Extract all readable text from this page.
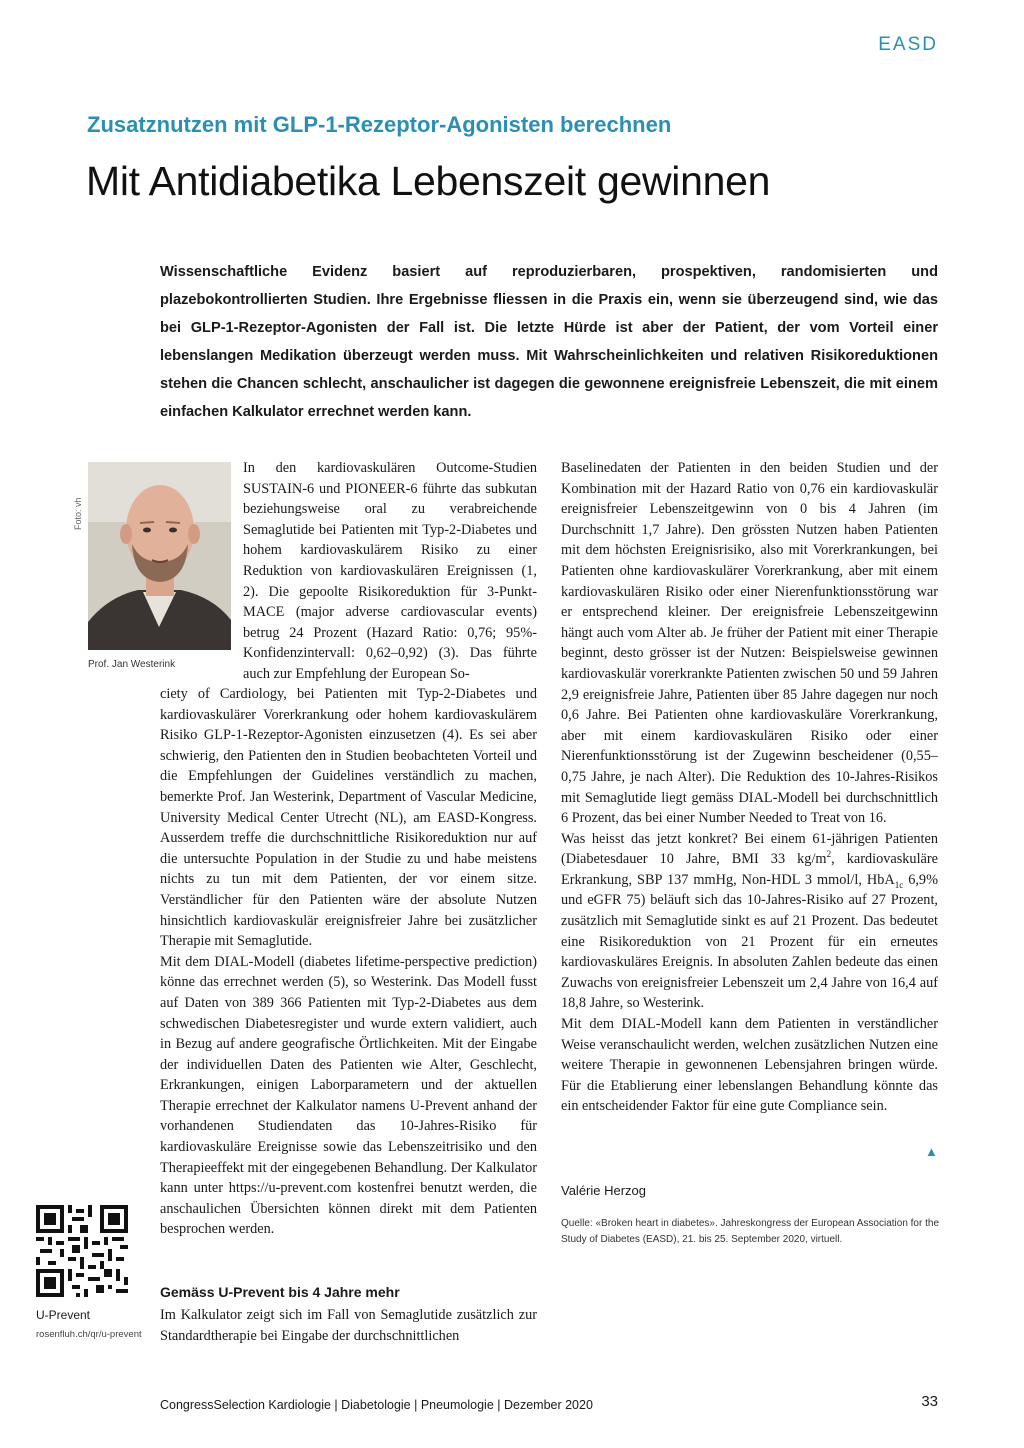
EASD
Zusatznutzen mit GLP-1-Rezeptor-Agonisten berechnen
Mit Antidiabetika Lebenszeit gewinnen
Wissenschaftliche Evidenz basiert auf reproduzierbaren, prospektiven, randomisierten und plazebokontrollierten Studien. Ihre Ergebnisse fliessen in die Praxis ein, wenn sie überzeugend sind, wie das bei GLP-1-Rezeptor-Agonisten der Fall ist. Die letzte Hürde ist aber der Patient, der vom Vorteil einer lebenslangen Medikation überzeugt werden muss. Mit Wahrscheinlichkeiten und relativen Risikoreduktionen stehen die Chancen schlecht, anschaulicher ist dagegen die gewonnene ereignisfreie Lebenszeit, die mit einem einfachen Kalkulator errechnet werden kann.
Foto: vh
Prof. Jan Westerink

In den kardiovaskulären Outcome-Studien SUSTAIN-6 und PIONEER-6 führte das subkutan beziehungsweise oral zu verabreichende Semaglutide bei Patienten mit Typ-2-Diabetes und hohem kardiovaskulärem Risiko zu einer Reduktion von kardiovaskulären Ereignissen (1, 2). Die gepoolte Risikoreduktion für 3-Punkt-MACE (major adverse cardiovascular events) betrug 24 Prozent (Hazard Ratio: 0,76; 95%-Konfidenzintervall: 0,62–0,92) (3). Das führte auch zur Empfehlung der European So-

ciety of Cardiology, bei Patienten mit Typ-2-Diabetes und kardiovaskulärer Vorerkrankung oder hohem kardiovaskulärem Risiko GLP-1-Rezeptor-Agonisten einzusetzen (4). Es sei aber schwierig, den Patienten den in Studien beobachteten Vorteil und die Empfehlungen der Guidelines verständlich zu machen, bemerkte Prof. Jan Westerink, Department of Vascular Medicine, University Medical Center Utrecht (NL), am EASD-Kongress. Ausserdem treffe die durchschnittliche Risikoreduktion nur auf die untersuchte Population in der Studie zu und habe meistens nichts zu tun mit dem Patienten, der vor einem sitze. Verständlicher für den Patienten wäre der absolute Nutzen hinsichtlich kardiovaskulär ereignisfreier Jahre bei zusätzlicher Therapie mit Semaglutide.

Mit dem DIAL-Modell (diabetes lifetime-perspective prediction) könne das errechnet werden (5), so Westerink. Das Modell fusst auf Daten von 389 366 Patienten mit Typ-2-Diabetes aus dem schwedischen Diabetesregister und wurde extern validiert, auch in Bezug auf andere geografische Örtlichkeiten. Mit der Eingabe der individuellen Daten des Patienten wie Alter, Geschlecht, Erkrankungen, einigen Laborparametern und der aktuellen Therapie errechnet der Kalkulator namens U-Prevent anhand der vorhandenen Studiendaten das 10-Jahres-Risiko für kardiovaskuläre Ereignisse sowie das Lebenszeitrisiko und den Therapieeffekt mit der eingegebenen Behandlung. Der Kalkulator kann unter https://u-prevent.com kostenfrei benutzt werden, die anschaulichen Übersichten können direkt mit dem Patienten besprochen werden.

Gemäss U-Prevent bis 4 Jahre mehr

Im Kalkulator zeigt sich im Fall von Semaglutide zusätzlich zur Standardtherapie bei Eingabe der durchschnittlichen

Baselinedaten der Patienten in den beiden Studien und der Kombination mit der Hazard Ratio von 0,76 ein kardiovaskulär ereignisfreier Lebenszeitgewinn von 0 bis 4 Jahren (im Durchschnitt 1,7 Jahre). Den grössten Nutzen haben Patienten mit dem höchsten Ereignisrisiko, also mit Vorerkrankungen, bei Patienten ohne kardiovaskulärer Vorerkrankung, aber mit einem kardiovaskulären Risiko oder einer Nierenfunktionsstörung war er entsprechend kleiner. Der ereignisfreie Lebenszeitgewinn hängt auch vom Alter ab. Je früher der Patient mit einer Therapie beginnt, desto grösser ist der Nutzen: Beispielsweise gewinnen kardiovaskulär vorerkrankte Patienten zwischen 50 und 59 Jahren 2,9 ereignisfreie Jahre, Patienten über 85 Jahre dagegen nur noch 0,6 Jahre. Bei Patienten ohne kardiovaskuläre Vorerkrankung, aber mit einem kardiovaskulären Risiko oder einer Nierenfunktionsstörung ist der Zugewinn bescheidener (0,55–0,75 Jahre, je nach Alter). Die Reduktion des 10-Jahres-Risikos mit Semaglutide liegt gemäss DIAL-Modell bei durchschnittlich 6 Prozent, das bei einer Number Needed to Treat von 16.

Was heisst das jetzt konkret? Bei einem 61-jährigen Patienten (Diabetesdauer 10 Jahre, BMI 33 $kg/m^2$, kardiovaskuläre Erkrankung, SBP 137 mmHg, Non-HDL 3 mmol/l, HbA$_{1c}$ 6,9% und eGFR 75) beläuft sich das 10-Jahres-Risiko auf 27 Prozent, zusätzlich mit Semaglutide sinkt es auf 21 Prozent. Das bedeutet eine Risikoreduktion von 21 Prozent für ein erneutes kardiovaskuläres Ereignis. In absoluten Zahlen bedeute das einen Zuwachs von ereignisfreier Lebenszeit um 2,4 Jahre von 16,4 auf 18,8 Jahre, so Westerink.

Mit dem DIAL-Modell kann dem Patienten in verständlicher Weise veranschaulicht werden, welchen zusätzlichen Nutzen eine weitere Therapie in gewonnenen Lebensjahren bringen würde. Für die Etablierung einer lebenslangen Behandlung könnte das ein entscheidender Faktor für eine gute Compliance sein.

▲
Valérie Herzog
Quelle: «Broken heart in diabetes». Jahreskongress der European Association for the Study of Diabetes (EASD), 21. bis 25. September 2020, virtuell.
U-Prevent
rosenfluh.ch/qr/u-prevent
CongressSelection Kardiologie | Diabetologie | Pneumologie | Dezember 2020	33
